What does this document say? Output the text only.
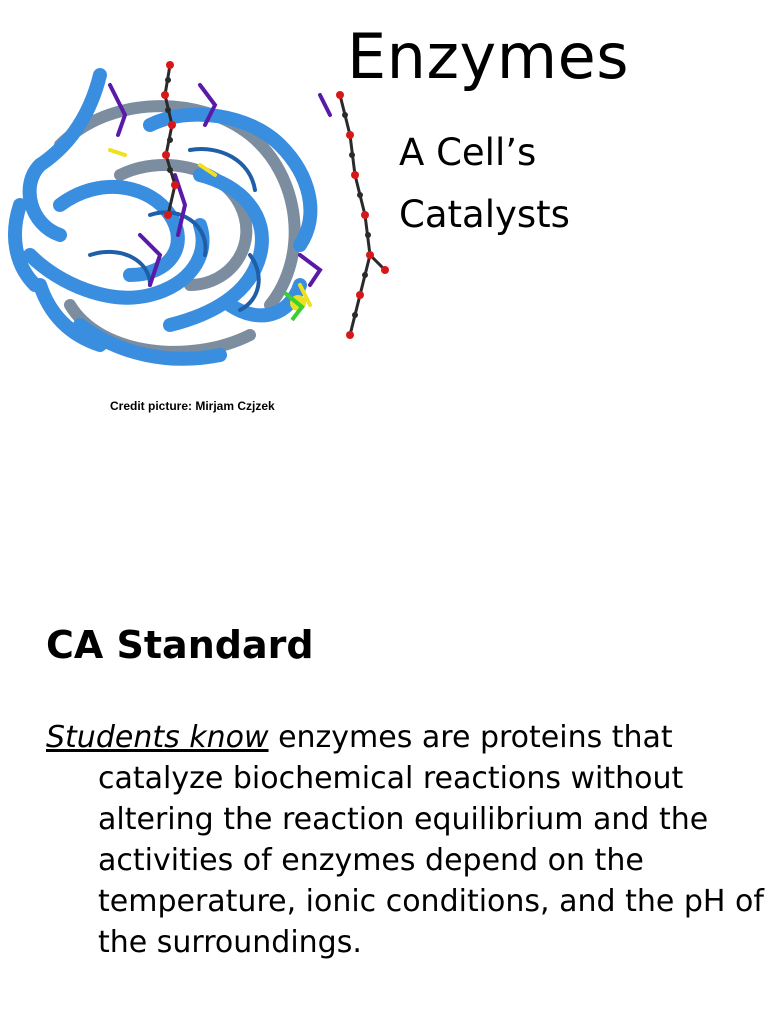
Enzymes

A Cell’s

Catalysts

Credit picture: Mirjam Czjzek

CA Standard

Students know enzymes are proteins that catalyze biochemical reactions without altering the reaction equilibrium and the activities of enzymes depend on the temperature, ionic conditions, and the pH of the surroundings.
